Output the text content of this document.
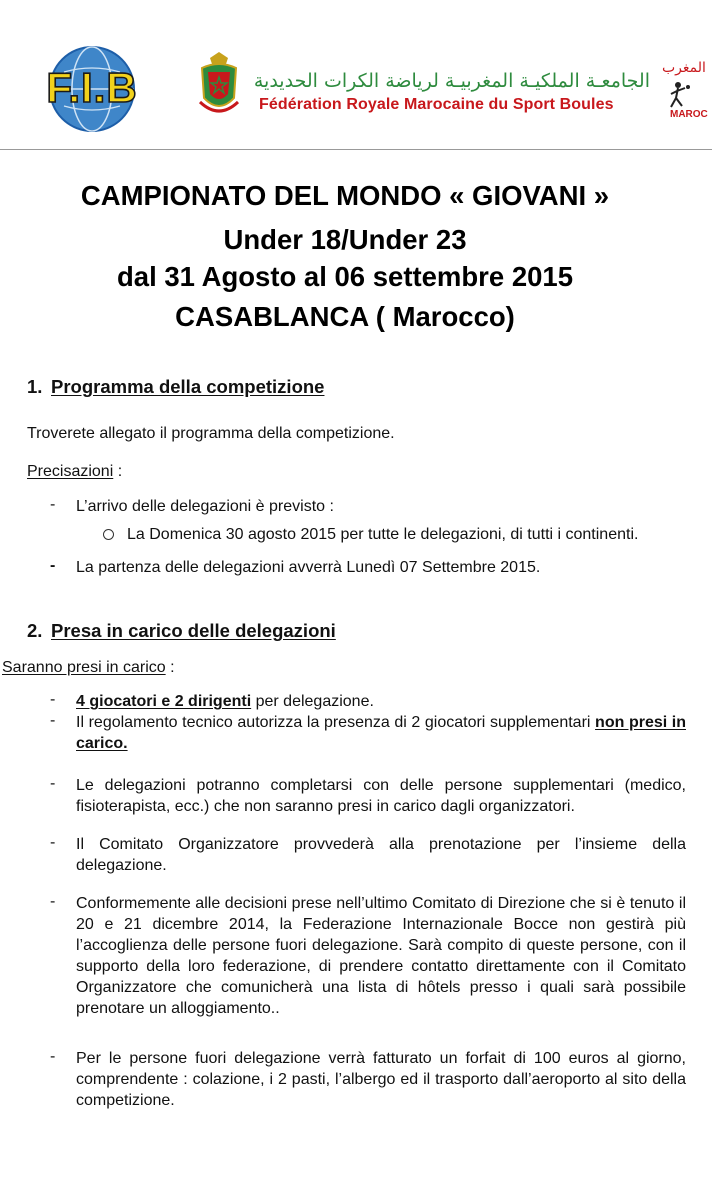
F.I.B	الجامعـة الملكيـة المغربيـة لرياضة الكرات الحديدية
Fédération Royale Marocaine du Sport Boules
المغرب
MAROC
CAMPIONATO DEL MONDO « GIOVANI »
Under 18/Under 23
dal 31 Agosto al 06 settembre 2015
CASABLANCA ( Marocco)
1. Programma della competizione
Troverete allegato il programma della competizione.
Precisazioni :
- L’arrivo delle delegazioni è previsto :
La Domenica 30 agosto 2015 per tutte le delegazioni, di tutti i continenti.
- La partenza delle delegazioni avverrà Lunedì 07 Settembre 2015.
2. Presa in carico delle delegazioni
Saranno presi in carico :
- 4 giocatori e 2 dirigenti per delegazione.
- Il regolamento tecnico autorizza la presenza di 2 giocatori supplementari non presi in carico.
- Le delegazioni potranno completarsi con delle persone supplementari (medico, fisioterapista, ecc.) che non saranno presi in carico dagli organizzatori.
- Il Comitato Organizzatore provvederà alla prenotazione per l’insieme della delegazione.
- Conformemente alle decisioni prese nell’ultimo Comitato di Direzione che si è tenuto il 20 e 21 dicembre 2014, la Federazione Internazionale Bocce non gestirà più l’accoglienza delle persone fuori delegazione. Sarà compito di queste persone, con il supporto della loro federazione, di prendere contatto direttamente con il Comitato Organizzatore che comunicherà una lista di hôtels presso i quali sarà possibile prenotare un alloggiamento..
- Per le persone fuori delegazione verrà fatturato un forfait di 100 euros al giorno, comprendente : colazione, i 2 pasti, l’albergo ed il trasporto dall’aeroporto al sito della competizione.
